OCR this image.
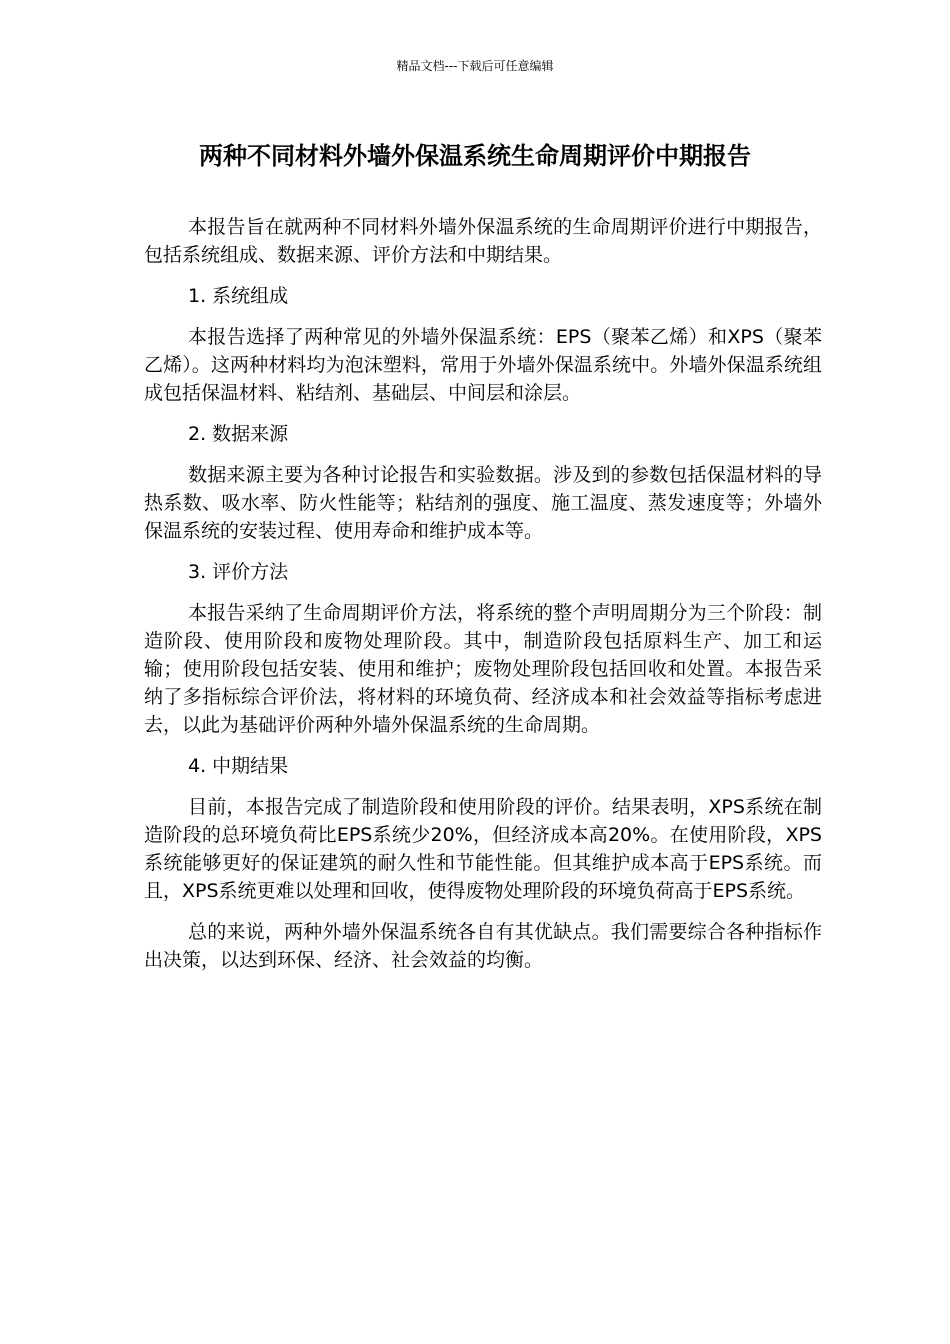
精品文档---下载后可任意编辑
两种不同材料外墙外保温系统生命周期评价中期报告

本报告旨在就两种不同材料外墙外保温系统的生命周期评价进行中期报告，包括系统组成、数据来源、评价方法和中期结果。

1. 系统组成

本报告选择了两种常见的外墙外保温系统：EPS（聚苯乙烯）和XPS（聚苯乙烯）。这两种材料均为泡沫塑料，常用于外墙外保温系统中。外墙外保温系统组成包括保温材料、粘结剂、基础层、中间层和涂层。

2. 数据来源

数据来源主要为各种讨论报告和实验数据。涉及到的参数包括保温材料的导热系数、吸水率、防火性能等；粘结剂的强度、施工温度、蒸发速度等；外墙外保温系统的安装过程、使用寿命和维护成本等。

3. 评价方法

本报告采纳了生命周期评价方法，将系统的整个声明周期分为三个阶段：制造阶段、使用阶段和废物处理阶段。其中，制造阶段包括原料生产、加工和运输；使用阶段包括安装、使用和维护；废物处理阶段包括回收和处置。本报告采纳了多指标综合评价法，将材料的环境负荷、经济成本和社会效益等指标考虑进去，以此为基础评价两种外墙外保温系统的生命周期。

4. 中期结果

目前，本报告完成了制造阶段和使用阶段的评价。结果表明，XPS系统在制造阶段的总环境负荷比EPS系统少20%，但经济成本高20%。在使用阶段，XPS系统能够更好的保证建筑的耐久性和节能性能。但其维护成本高于EPS系统。而且，XPS系统更难以处理和回收，使得废物处理阶段的环境负荷高于EPS系统。

总的来说，两种外墙外保温系统各自有其优缺点。我们需要综合各种指标作出决策，以达到环保、经济、社会效益的均衡。
